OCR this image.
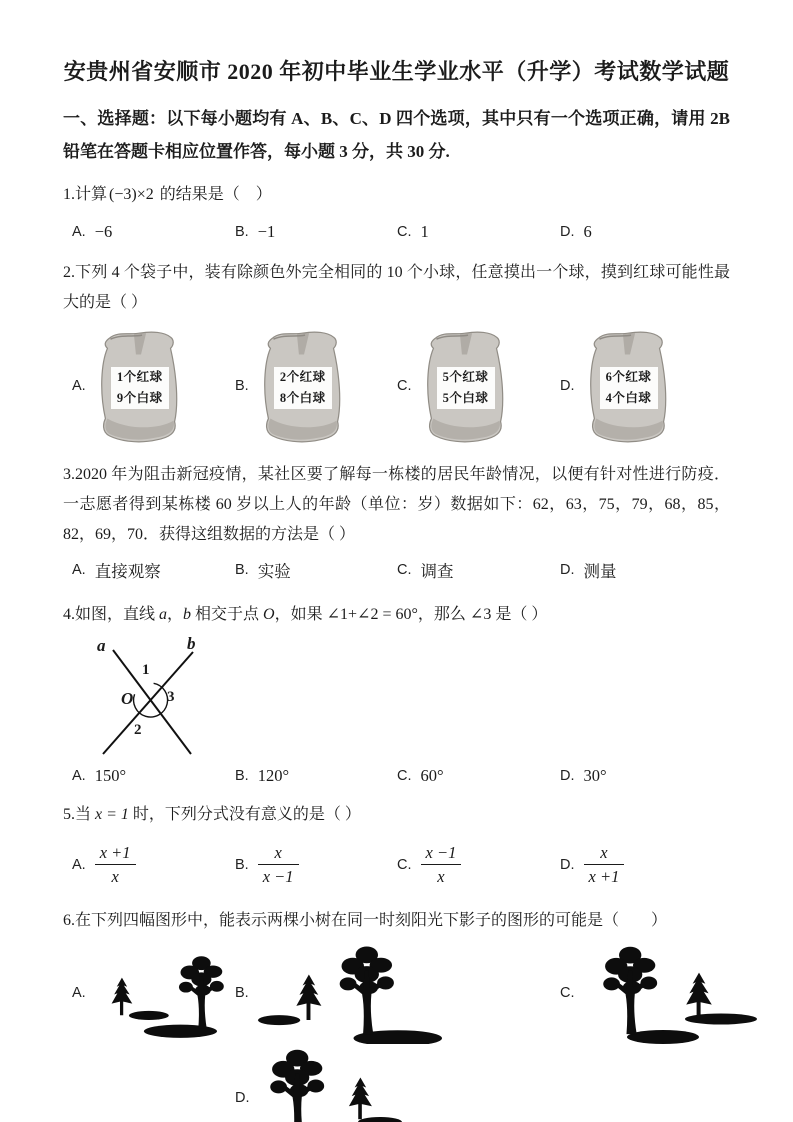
安贵州省安顺市 2020 年初中毕业生学业水平（升学）考试数学试题

一、选择题：以下每小题均有 A、B、C、D 四个选项，其中只有一个选项正确，请用 2B 铅笔在答题卡相应位置作答，每小题 3 分，共 30 分.

1.计算 (−3)×2 的结果是（　）

A. −6	B. −1	C. 1	D. 6

2.下列 4 个袋子中，装有除颜色外完全相同的 10 个小球，任意摸出一个球，摸到红球可能性最大的是（ ）

A.
1个红球
9个白球
B.
2个红球
8个白球
C.
5个红球
5个白球
D.
6个红球
4个白球

3.2020 年为阻击新冠疫情，某社区要了解每一栋楼的居民年龄情况，以便有针对性进行防疫．一志愿者得到某栋楼 60 岁以上人的年龄（单位：岁）数据如下：62，63，75，79，68，85，82，69，70．获得这组数据的方法是（ ）

A. 直接观察	B. 实验	C. 调查	D. 测量

4.如图，直线 a，b 相交于点 O，如果 ∠1+∠2 = 60°，那么 ∠3 是（ ）

a	b
O
1
2
3
A. 150°	B. 120°	C. 60°	D. 30°

5.当 x = 1 时，下列分式没有意义的是（ ）

A. $\frac{x +1}{x}$	B. $\frac{x}{x -1}$	C. $\frac{x -1}{x}$	D. $\frac{x}{x +1}$

6.在下列四幅图形中，能表示两棵小树在同一时刻阳光下影子的图形的可能是（　　）

A.	B.	C.
D.
